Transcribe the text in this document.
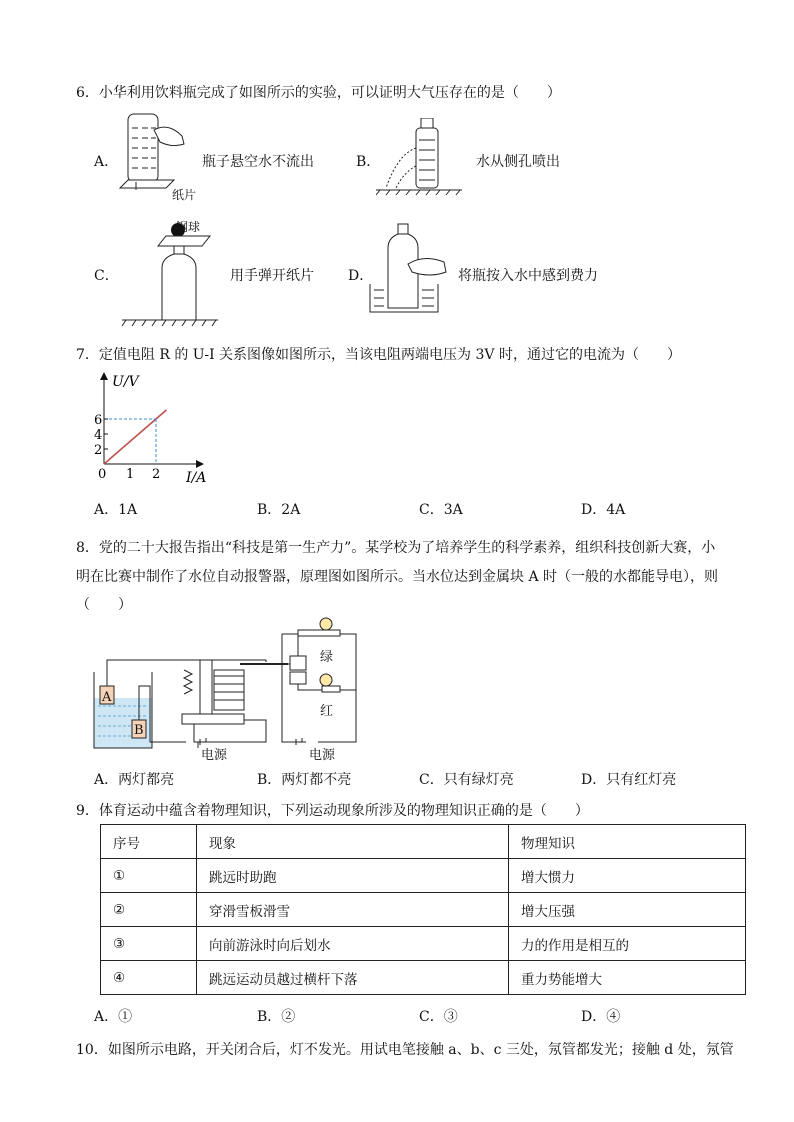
6．小华利用饮料瓶完成了如图所示的实验，可以证明大气压存在的是（　　）
A．
纸片
瓶子悬空水不流出	B．	水从侧孔喷出
C．
钢球
用手弹开纸片 D．	将瓶按入水中感到费力
7．定值电阻 R 的 U-I 关系图像如图所示，当该电阻两端电压为 3V 时，通过它的电流为（　　）
2
4
6
0 1 2
U/V
I/A
A．1A	B．2A	C．3A	D．4A
8．党的二十大报告指出“科技是第一生产力”。某学校为了培养学生的科学素养，组织科技创新大赛，小
明在比赛中制作了水位自动报警器，原理图如图所示。当水位达到金属块 A 时（一般的水都能导电），则
（　　）
A
B
绿
红
电源	电源
A．两灯都亮	B．两灯都不亮	C．只有绿灯亮	D．只有红灯亮
9．体育运动中蕴含着物理知识，下列运动现象所涉及的物理知识正确的是（　　）
序号	现象	物理知识
①	跳远时助跑	增大惯力
②	穿滑雪板滑雪	增大压强
③	向前游泳时向后划水	力的作用是相互的
④	跳远运动员越过横杆下落	重力势能增大
A．①	B．②	C．③	D．④
10．如图所示电路，开关闭合后，灯不发光。用试电笔接触 a、b、c 三处，氖管都发光；接触 d 处，氖管
